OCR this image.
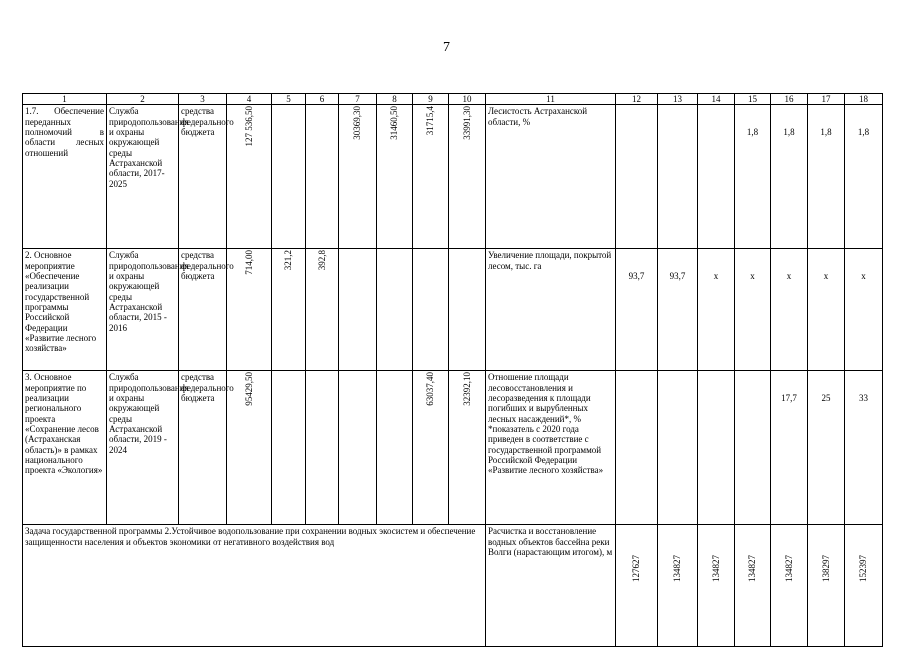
7
1	2	3	4	5	6	7	8	9	10	11	12	13	14	15	16	17	18
1.7. Обеспечение переданных полномочий в области лесных отношений	Служба природопользования и охраны окружающей среды Астраханской области, 2017- 2025	средства федерального бюджета	127 536,50			30369,30	31460,50	31715,4	33991,30	Лесистость Астраханской области, %				1,8	1,8	1,8	1,8
2. Основное мероприятие «Обеспечение реализации государственной программы Российской Федерации «Развитие лесного хозяйства»	Служба природопользования и охраны окружающей среды Астраханской области, 2015 - 2016	средства федерального бюджета	714,00	321,2	392,8					Увеличение площади, покрытой лесом, тыс. га	93,7	93,7	х	х	х	х	х
3. Основное мероприятие по реализации регионального проекта «Сохранение лесов (Астраханская область)» в рамках национального проекта «Экология»	Служба природопользования и охраны окружающей среды Астраханской области, 2019 - 2024	средства федерального бюджета	95429,50					63037,40	32392,10	Отношение площади лесовосстановления и лесоразведения к площади погибших и вырубленных лесных насаждений*, % *показатель с 2020 года приведен в соответствие с государственной программой Российской Федерации «Развитие лесного хозяйства»					17,7	25	33
Задача государственной программы 2.Устойчивое водопользование при сохранении водных экосистем и обеспечение защищенности населения и объектов экономики от негативного воздействия вод										Расчистка и восстановление водных объектов бассейна реки Волги (нарастающим итогом), м	127627	134827	134827	134827	134827	138297	152397
